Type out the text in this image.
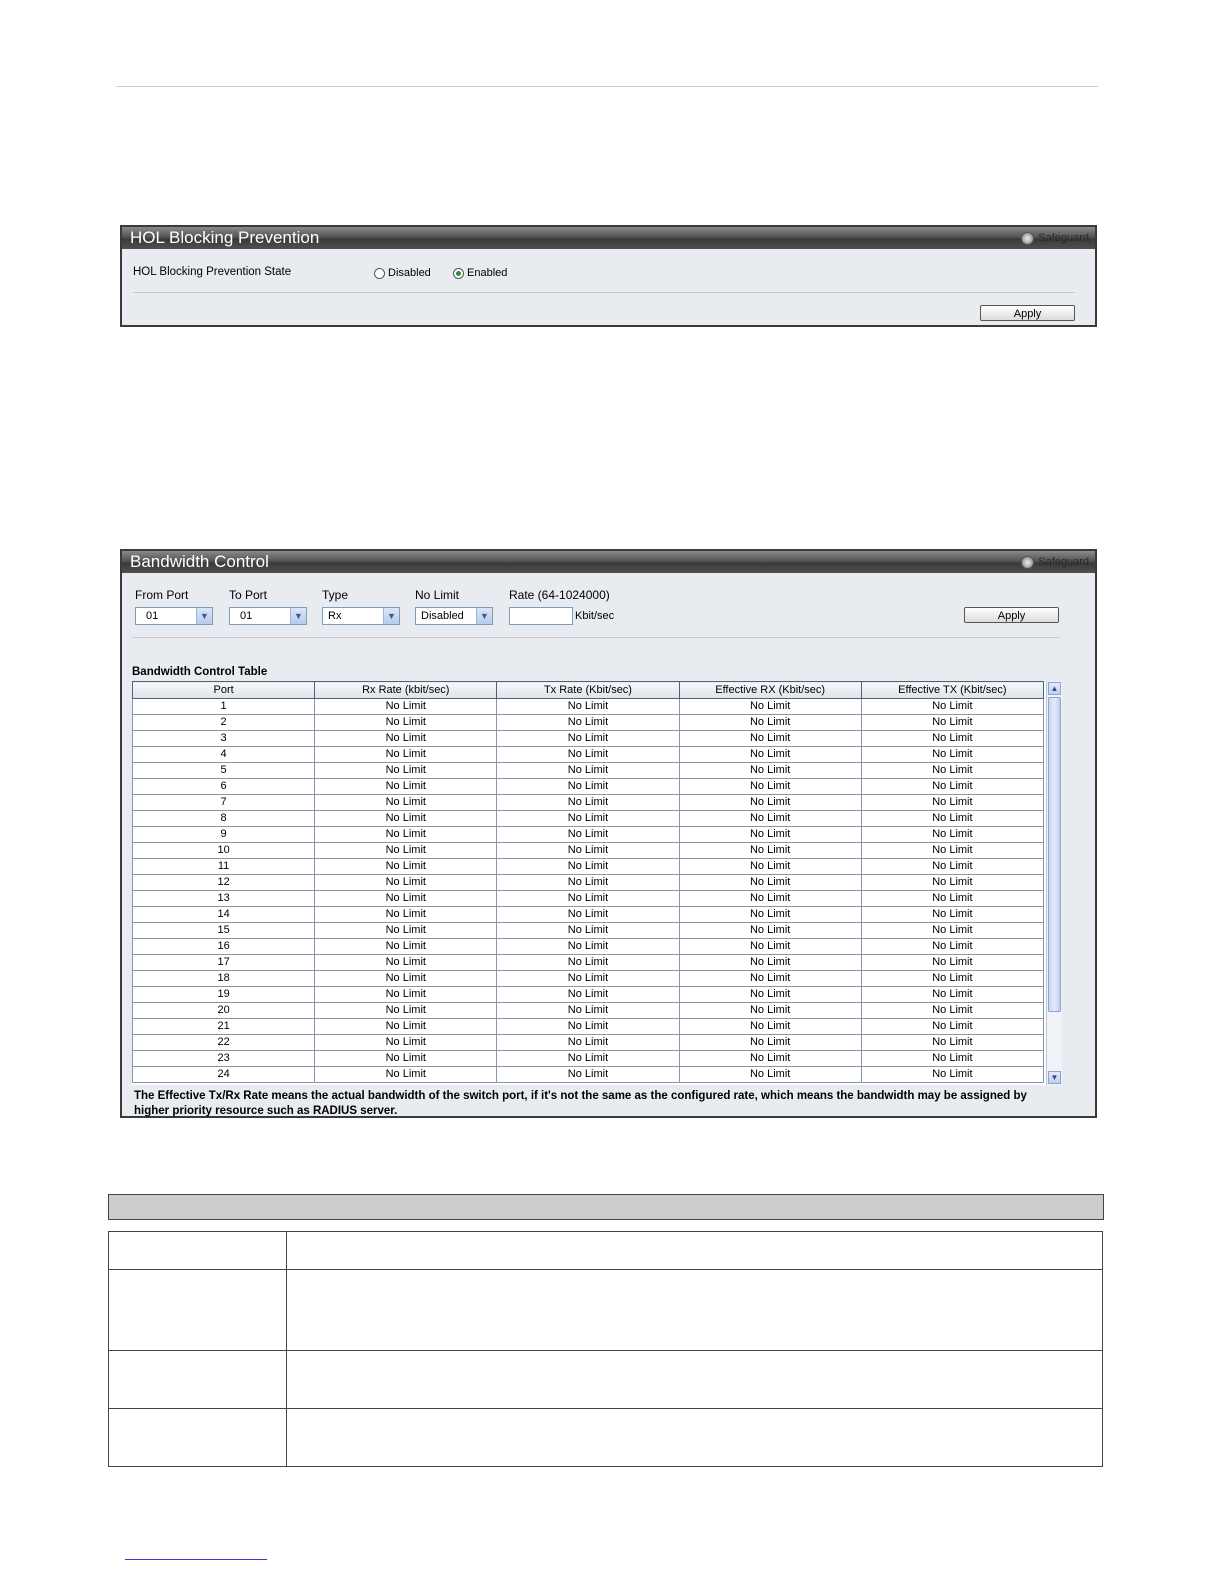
HOL Blocking Prevention	Safeguard
HOL Blocking Prevention State	Disabled	Enabled
Apply
Bandwidth Control	Safeguard
From Port	To Port	Type	No Limit	Rate (64-1024000)
01	▼	01	▼	Rx	▼	Disabled	▼	Kbit/sec	Apply
Bandwidth Control Table
Port	Rx Rate (kbit/sec)	Tx Rate (Kbit/sec)	Effective RX (Kbit/sec)	Effective TX (Kbit/sec)
1	No Limit	No Limit	No Limit	No Limit
2	No Limit	No Limit	No Limit	No Limit
3	No Limit	No Limit	No Limit	No Limit
4	No Limit	No Limit	No Limit	No Limit
5	No Limit	No Limit	No Limit	No Limit
6	No Limit	No Limit	No Limit	No Limit
7	No Limit	No Limit	No Limit	No Limit
8	No Limit	No Limit	No Limit	No Limit
9	No Limit	No Limit	No Limit	No Limit
10	No Limit	No Limit	No Limit	No Limit
11	No Limit	No Limit	No Limit	No Limit
12	No Limit	No Limit	No Limit	No Limit
13	No Limit	No Limit	No Limit	No Limit
14	No Limit	No Limit	No Limit	No Limit
15	No Limit	No Limit	No Limit	No Limit
16	No Limit	No Limit	No Limit	No Limit
17	No Limit	No Limit	No Limit	No Limit
18	No Limit	No Limit	No Limit	No Limit
19	No Limit	No Limit	No Limit	No Limit
20	No Limit	No Limit	No Limit	No Limit
21	No Limit	No Limit	No Limit	No Limit
22	No Limit	No Limit	No Limit	No Limit
23	No Limit	No Limit	No Limit	No Limit
24	No Limit	No Limit	No Limit	No Limit
▲
▼
The Effective Tx/Rx Rate means the actual bandwidth of the switch port, if it's not the same as the configured rate, which means the bandwidth may be assigned by higher priority resource such as RADIUS server.
